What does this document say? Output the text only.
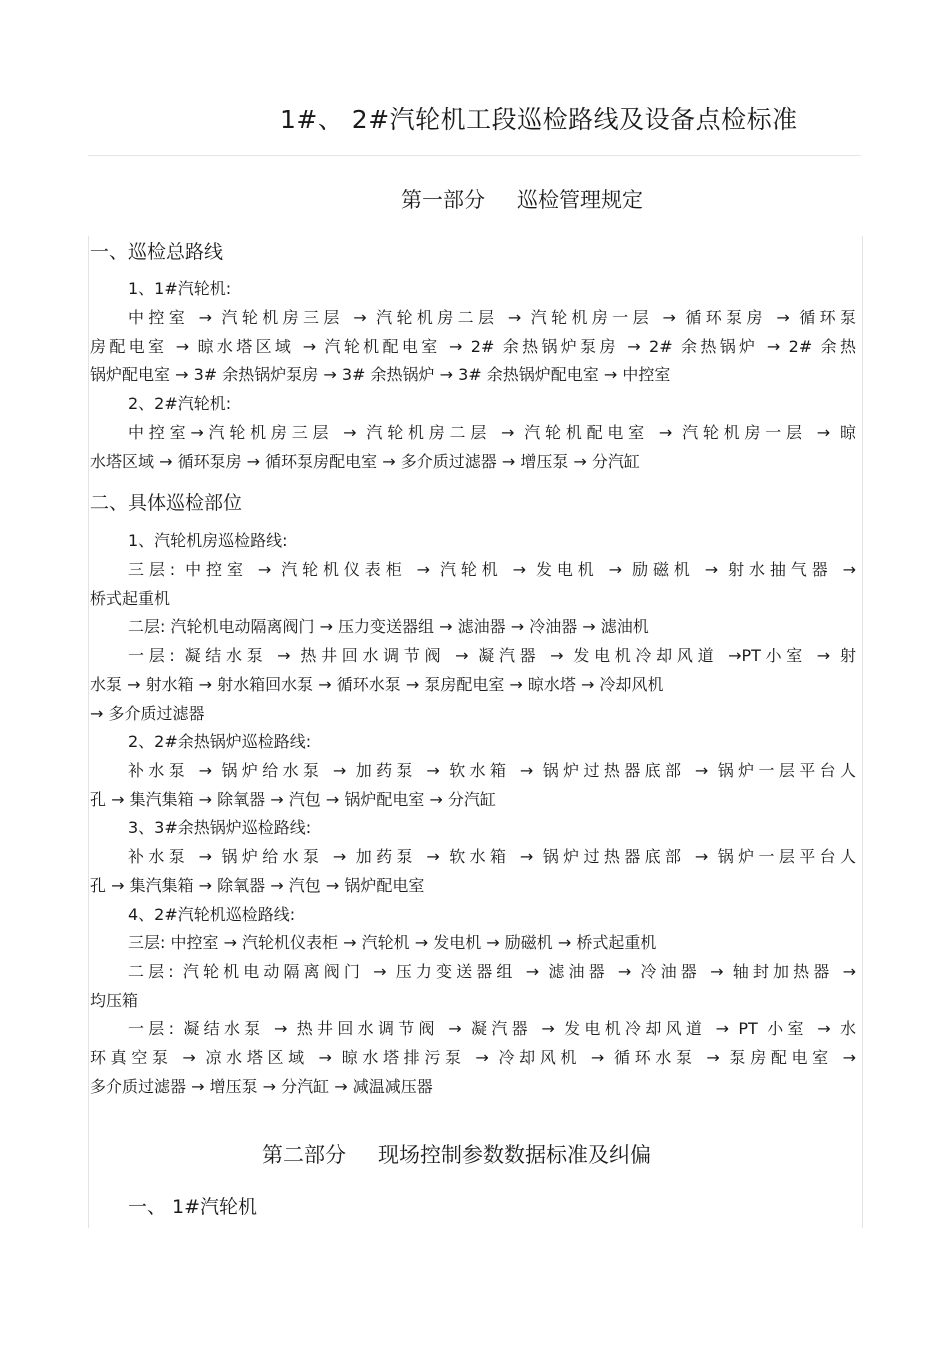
1#、 2#汽轮机工段巡检路线及设备点检标准
第一部分 巡检管理规定
一、巡检总路线
1、1#汽轮机:
中控室 → 汽轮机房三层 → 汽轮机房二层 → 汽轮机房一层 → 循环泵房 → 循环泵
房配电室 → 晾水塔区域 → 汽轮机配电室 → 2# 余热锅炉泵房 → 2# 余热锅炉 → 2# 余热
锅炉配电室 → 3# 余热锅炉泵房 → 3# 余热锅炉 → 3# 余热锅炉配电室 → 中控室
2、2#汽轮机:
中控室→汽轮机房三层 → 汽轮机房二层 → 汽轮机配电室 → 汽轮机房一层 → 晾
水塔区域 → 循环泵房 → 循环泵房配电室 → 多介质过滤器 → 增压泵 → 分汽缸
二、具体巡检部位
1、汽轮机房巡检路线:
三层: 中控室 → 汽轮机仪表柜 → 汽轮机 → 发电机 → 励磁机 → 射水抽气器 →
桥式起重机
二层: 汽轮机电动隔离阀门 → 压力变送器组 → 滤油器 → 冷油器 → 滤油机
一层: 凝结水泵 → 热井回水调节阀 → 凝汽器 → 发电机冷却风道 →PT小室 → 射
水泵 → 射水箱 → 射水箱回水泵 → 循环水泵 → 泵房配电室 → 晾水塔 → 冷却风机
→ 多介质过滤器
2、2#余热锅炉巡检路线:
补水泵 → 锅炉给水泵 → 加药泵 → 软水箱 → 锅炉过热器底部 → 锅炉一层平台人
孔 → 集汽集箱 → 除氧器 → 汽包 → 锅炉配电室 → 分汽缸
3、3#余热锅炉巡检路线:
补水泵 → 锅炉给水泵 → 加药泵 → 软水箱 → 锅炉过热器底部 → 锅炉一层平台人
孔 → 集汽集箱 → 除氧器 → 汽包 → 锅炉配电室
4、2#汽轮机巡检路线:
三层: 中控室 → 汽轮机仪表柜 → 汽轮机 → 发电机 → 励磁机 → 桥式起重机
二层: 汽轮机电动隔离阀门 → 压力变送器组 → 滤油器 → 冷油器 → 轴封加热器 →
均压箱
一层: 凝结水泵 → 热井回水调节阀 → 凝汽器 → 发电机冷却风道 → PT 小室 → 水
环真空泵 → 凉水塔区域 → 晾水塔排污泵 → 冷却风机 → 循环水泵 → 泵房配电室 →
多介质过滤器 → 增压泵 → 分汽缸 → 减温减压器
第二部分 现场控制参数数据标准及纠偏
一、 1#汽轮机
